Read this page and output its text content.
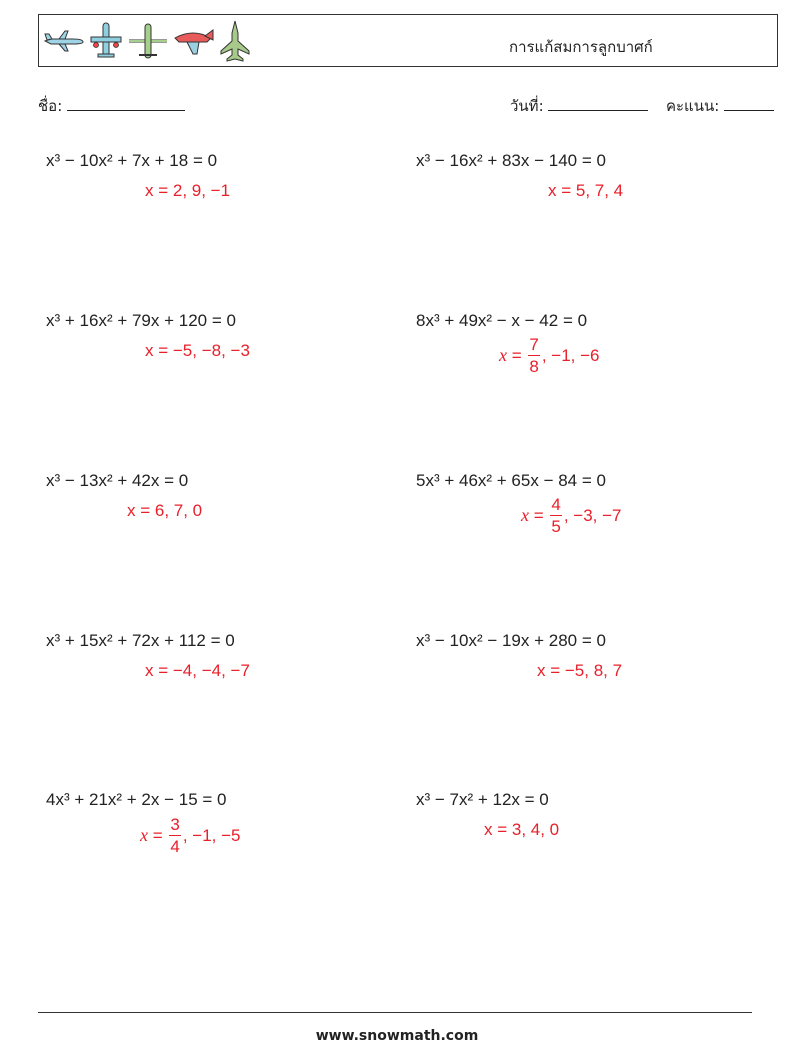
การแก้สมการลูกบาศก์
ชื่อ:	วันที่:	คะแนน:
x³ − 10x² + 7x + 18 = 0
x = 2, 9, −1
x³ + 16x² + 79x + 120 = 0
x = −5, −8, −3
x³ − 13x² + 42x = 0
x = 6, 7, 0
x³ + 15x² + 72x + 112 = 0
x = −4, −4, −7
4x³ + 21x² + 2x − 15 = 0
$x = \frac{3}{4}$ , −1, −5
x³ − 16x² + 83x − 140 = 0
x = 5, 7, 4
8x³ + 49x² − x − 42 = 0
$x = \frac{7}{8}$ , −1, −6
5x³ + 46x² + 65x − 84 = 0
$x = \frac{4}{5}$ , −3, −7
x³ − 10x² − 19x + 280 = 0
x = −5, 8, 7
x³ − 7x² + 12x = 0
x = 3, 4, 0
www.snowmath.com
